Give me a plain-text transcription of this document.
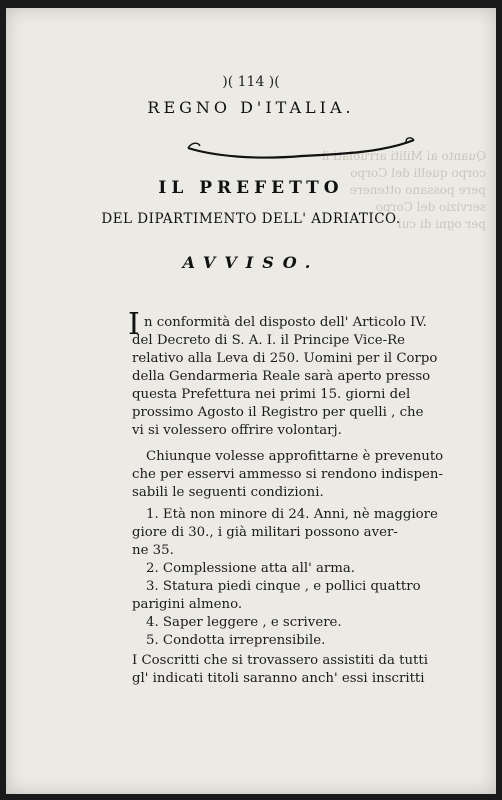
Quanto ai Militi arruolati il
corpo quelli del Corpo
pere possano ottenere
servizio del Corpo
per ogni di cui
)( 114 )(
REGNO D'ITALIA.
IL PREFETTO
DEL DIPARTIMENTO DELL' ADRIATICO.
AVVISO.
I n conformità del disposto dell' Articolo IV.
del Decreto di S. A. I. il Principe Vice-Re
relativo alla Leva di 250. Uomini per il Corpo
della Gendarmeria Reale sarà aperto presso
questa Prefettura nei primi 15. giorni del
prossimo Agosto il Registro per quelli , che
vi si volessero offrire volontarj.
Chiunque volesse approfittarne è prevenuto
che per esservi ammesso si rendono indispen-
sabili le seguenti condizioni.
1. Età non minore di 24. Anni, nè maggiore
giore di 30., i già militari possono aver-
ne 35.
2. Complessione atta all' arma.
3. Statura piedi cinque , e pollici quattro
parigini almeno.
4. Saper leggere , e scrivere.
5. Condotta irreprensibile.
I Coscritti che si trovassero assistiti da tutti
gl' indicati titoli saranno anch' essi inscritti
